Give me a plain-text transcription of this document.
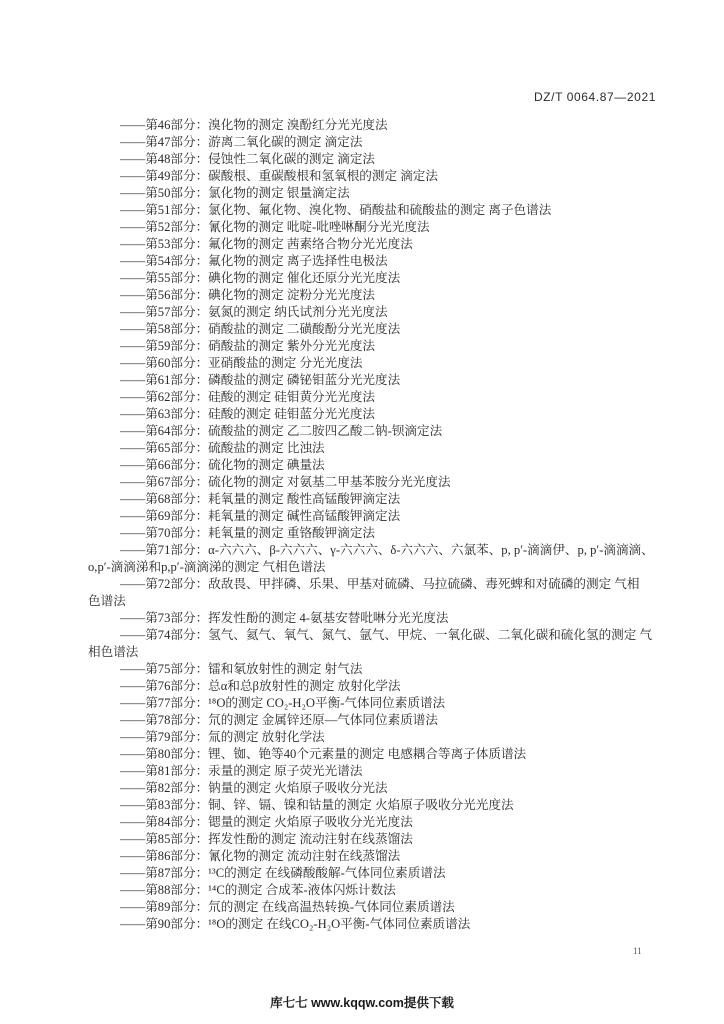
DZ/T 0064.87—2021
——第46部分：溴化物的测定 溴酚红分光光度法
——第47部分：游离二氧化碳的测定 滴定法
——第48部分：侵蚀性二氧化碳的测定 滴定法
——第49部分：碳酸根、重碳酸根和氢氧根的测定 滴定法
——第50部分：氯化物的测定 银量滴定法
——第51部分：氯化物、氟化物、溴化物、硝酸盐和硫酸盐的测定 离子色谱法
——第52部分：氰化物的测定 吡啶-吡唑啉酮分光光度法
——第53部分：氟化物的测定 茜素络合物分光光度法
——第54部分：氟化物的测定 离子选择性电极法
——第55部分：碘化物的测定 催化还原分光光度法
——第56部分：碘化物的测定 淀粉分光光度法
——第57部分：氨氮的测定 纳氏试剂分光光度法
——第58部分：硝酸盐的测定 二磺酸酚分光光度法
——第59部分：硝酸盐的测定 紫外分光光度法
——第60部分：亚硝酸盐的测定 分光光度法
——第61部分：磷酸盐的测定 磷铋钼蓝分光光度法
——第62部分：硅酸的测定 硅钼黄分光光度法
——第63部分：硅酸的测定 硅钼蓝分光光度法
——第64部分：硫酸盐的测定 乙二胺四乙酸二钠-钡滴定法
——第65部分：硫酸盐的测定 比浊法
——第66部分：硫化物的测定 碘量法
——第67部分：硫化物的测定 对氨基二甲基苯胺分光光度法
——第68部分：耗氧量的测定 酸性高锰酸钾滴定法
——第69部分：耗氧量的测定 碱性高锰酸钾滴定法
——第70部分：耗氧量的测定 重铬酸钾滴定法
——第71部分：α-六六六、β-六六六、γ-六六六、δ-六六六、六氯苯、p, p′-滴滴伊、p, p′-滴滴滴、
o,p′-滴滴涕和p,p′-滴滴涕的测定 气相色谱法
——第72部分：敌敌畏、甲拌磷、乐果、甲基对硫磷、马拉硫磷、毒死蜱和对硫磷的测定 气相
色谱法
——第73部分：挥发性酚的测定 4-氨基安替吡啉分光光度法
——第74部分：氢气、氦气、氧气、氮气、氩气、甲烷、一氧化碳、二氧化碳和硫化氢的测定 气
相色谱法
——第75部分：镭和氡放射性的测定 射气法
——第76部分：总α和总β放射性的测定 放射化学法
——第77部分：¹⁸O的测定 CO₂-H₂O平衡-气体同位素质谱法
——第78部分：氘的测定 金属锌还原—气体同位素质谱法
——第79部分：氚的测定 放射化学法
——第80部分：锂、铷、铯等40个元素量的测定 电感耦合等离子体质谱法
——第81部分：汞量的测定 原子荧光光谱法
——第82部分：钠量的测定 火焰原子吸收分光法
——第83部分：铜、锌、镉、镍和钴量的测定 火焰原子吸收分光光度法
——第84部分：锶量的测定 火焰原子吸收分光光度法
——第85部分：挥发性酚的测定 流动注射在线蒸馏法
——第86部分：氰化物的测定 流动注射在线蒸馏法
——第87部分：¹³C的测定 在线磷酸酸解-气体同位素质谱法
——第88部分：¹⁴C的测定 合成苯-液体闪烁计数法
——第89部分：氘的测定 在线高温热转换-气体同位素质谱法
——第90部分：¹⁸O的测定 在线CO₂-H₂O平衡-气体同位素质谱法
11
库七七 www.kqqw.com提供下载
